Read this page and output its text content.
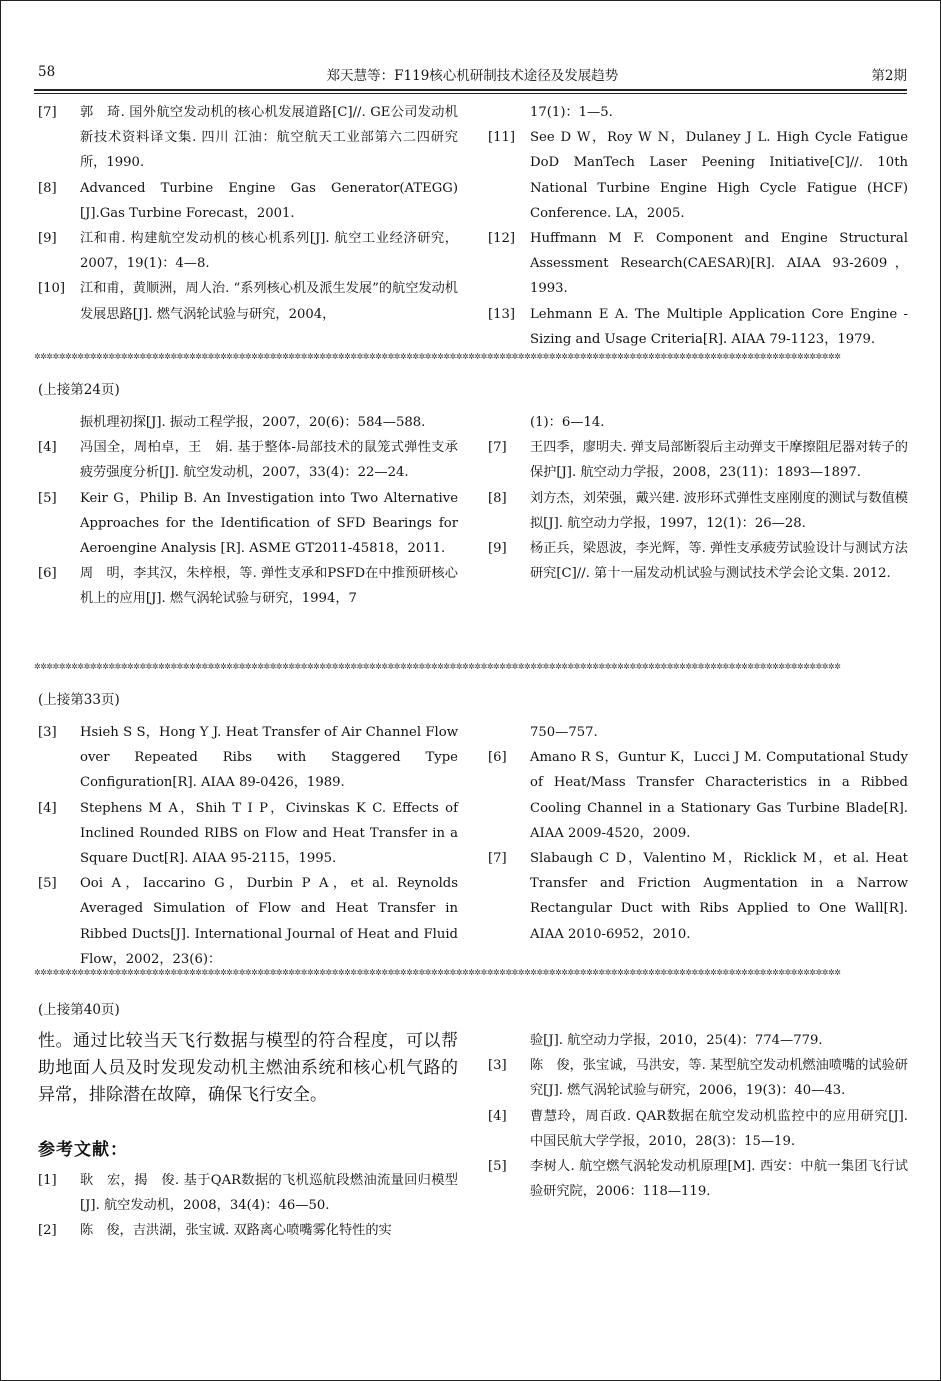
58	郑天慧等：F119核心机研制技术途径及发展趋势	第2期
[7] 郭　琦. 国外航空发动机的核心机发展道路[C]//. GE公司发动机新技术资料译文集. 四川 江油：航空航天工业部第六二四研究所，1990.
[8] Advanced Turbine Engine Gas Generator(ATEGG)[J].Gas Turbine Forecast，2001.
[9] 江和甫. 构建航空发动机的核心机系列[J]. 航空工业经济研究，2007，19(1)：4—8.
[10] 江和甫，黄顺洲，周人治. “系列核心机及派生发展”的航空发动机发展思路[J]. 燃气涡轮试验与研究，2004，
17(1)：1—5.
[11] See D W，Roy W N，Dulaney J L. High Cycle Fatigue DoD ManTech Laser Peening Initiative[C]//. 10th National Turbine Engine High Cycle Fatigue (HCF) Conference. LA，2005.
[12] Huffmann M F. Component and Engine Structural Assessment Research(CAESAR)[R]. AIAA 93-2609，1993.
[13] Lehmann E A. The Multiple Application Core Engine -Sizing and Usage Criteria[R]. AIAA 79-1123，1979.
✲✲✲✲✲✲✲✲✲✲✲✲✲✲✲✲✲✲✲✲✲✲✲✲✲✲✲✲✲✲✲✲✲✲✲✲✲✲✲✲✲✲✲✲✲✲✲✲✲✲✲✲✲✲✲✲✲✲✲✲✲✲✲✲✲✲✲✲✲✲✲✲✲✲✲✲✲✲✲✲✲✲✲✲✲✲✲✲✲✲✲✲✲✲✲✲✲✲✲✲✲✲✲✲✲✲✲✲✲✲✲✲✲✲✲✲✲✲✲✲✲✲✲✲✲✲✲✲✲✲
(上接第24页)
振机理初探[J]. 振动工程学报，2007，20(6)：584—588.
[4] 冯国全，周柏卓，王　娟. 基于整体-局部技术的鼠笼式弹性支承疲劳强度分析[J]. 航空发动机，2007，33(4)：22—24.
[5] Keir G，Philip B. An Investigation into Two Alternative Approaches for the Identification of SFD Bearings for Aeroengine Analysis [R]. ASME GT2011-45818，2011.
[6] 周　明，李其汉，朱梓根，等. 弹性支承和PSFD在中推预研核心机上的应用[J]. 燃气涡轮试验与研究，1994，7
(1)：6—14.
[7] 王四季，廖明夫. 弹支局部断裂后主动弹支干摩擦阻尼器对转子的保护[J]. 航空动力学报，2008，23(11)：1893—1897.
[8] 刘方杰，刘荣强，戴兴建. 波形环式弹性支座刚度的测试与数值模拟[J]. 航空动力学报，1997，12(1)：26—28.
[9] 杨正兵，梁恩波，李光辉，等. 弹性支承疲劳试验设计与测试方法研究[C]//. 第十一届发动机试验与测试技术学会论文集. 2012.
✲✲✲✲✲✲✲✲✲✲✲✲✲✲✲✲✲✲✲✲✲✲✲✲✲✲✲✲✲✲✲✲✲✲✲✲✲✲✲✲✲✲✲✲✲✲✲✲✲✲✲✲✲✲✲✲✲✲✲✲✲✲✲✲✲✲✲✲✲✲✲✲✲✲✲✲✲✲✲✲✲✲✲✲✲✲✲✲✲✲✲✲✲✲✲✲✲✲✲✲✲✲✲✲✲✲✲✲✲✲✲✲✲✲✲✲✲✲✲✲✲✲✲✲✲✲✲✲✲✲
(上接第33页)
[3] Hsieh S S，Hong Y J. Heat Transfer of Air Channel Flow over Repeated Ribs with Staggered Type Configuration[R]. AIAA 89-0426，1989.
[4] Stephens M A，Shih T I P，Civinskas K C. Effects of Inclined Rounded RIBS on Flow and Heat Transfer in a Square Duct[R]. AIAA 95-2115，1995.
[5] Ooi A，Iaccarino G，Durbin P A，et al. Reynolds Averaged Simulation of Flow and Heat Transfer in Ribbed Ducts[J]. International Journal of Heat and Fluid Flow，2002，23(6)：
750—757.
[6] Amano R S，Guntur K，Lucci J M. Computational Study of Heat/Mass Transfer Characteristics in a Ribbed Cooling Channel in a Stationary Gas Turbine Blade[R]. AIAA 2009-4520，2009.
[7] Slabaugh C D，Valentino M，Ricklick M，et al. Heat Transfer and Friction Augmentation in a Narrow Rectangular Duct with Ribs Applied to One Wall[R]. AIAA 2010-6952，2010.
✲✲✲✲✲✲✲✲✲✲✲✲✲✲✲✲✲✲✲✲✲✲✲✲✲✲✲✲✲✲✲✲✲✲✲✲✲✲✲✲✲✲✲✲✲✲✲✲✲✲✲✲✲✲✲✲✲✲✲✲✲✲✲✲✲✲✲✲✲✲✲✲✲✲✲✲✲✲✲✲✲✲✲✲✲✲✲✲✲✲✲✲✲✲✲✲✲✲✲✲✲✲✲✲✲✲✲✲✲✲✲✲✲✲✲✲✲✲✲✲✲✲✲✲✲✲✲✲✲✲
(上接第40页)
性。通过比较当天飞行数据与模型的符合程度，可以帮助地面人员及时发现发动机主燃油系统和核心机气路的异常，排除潜在故障，确保飞行安全。
参考文献：
[1] 耿　宏，揭　俊. 基于QAR数据的飞机巡航段燃油流量回归模型[J]. 航空发动机，2008，34(4)：46—50.
[2] 陈　俊，吉洪湖，张宝诚. 双路离心喷嘴雾化特性的实
验[J]. 航空动力学报，2010，25(4)：774—779.
[3] 陈　俊，张宝诚，马洪安，等. 某型航空发动机燃油喷嘴的试验研究[J]. 燃气涡轮试验与研究，2006，19(3)：40—43.
[4] 曹慧玲，周百政. QAR数据在航空发动机监控中的应用研究[J]. 中国民航大学学报，2010，28(3)：15—19.
[5] 李树人. 航空燃气涡轮发动机原理[M]. 西安：中航一集团飞行试验研究院，2006：118—119.
